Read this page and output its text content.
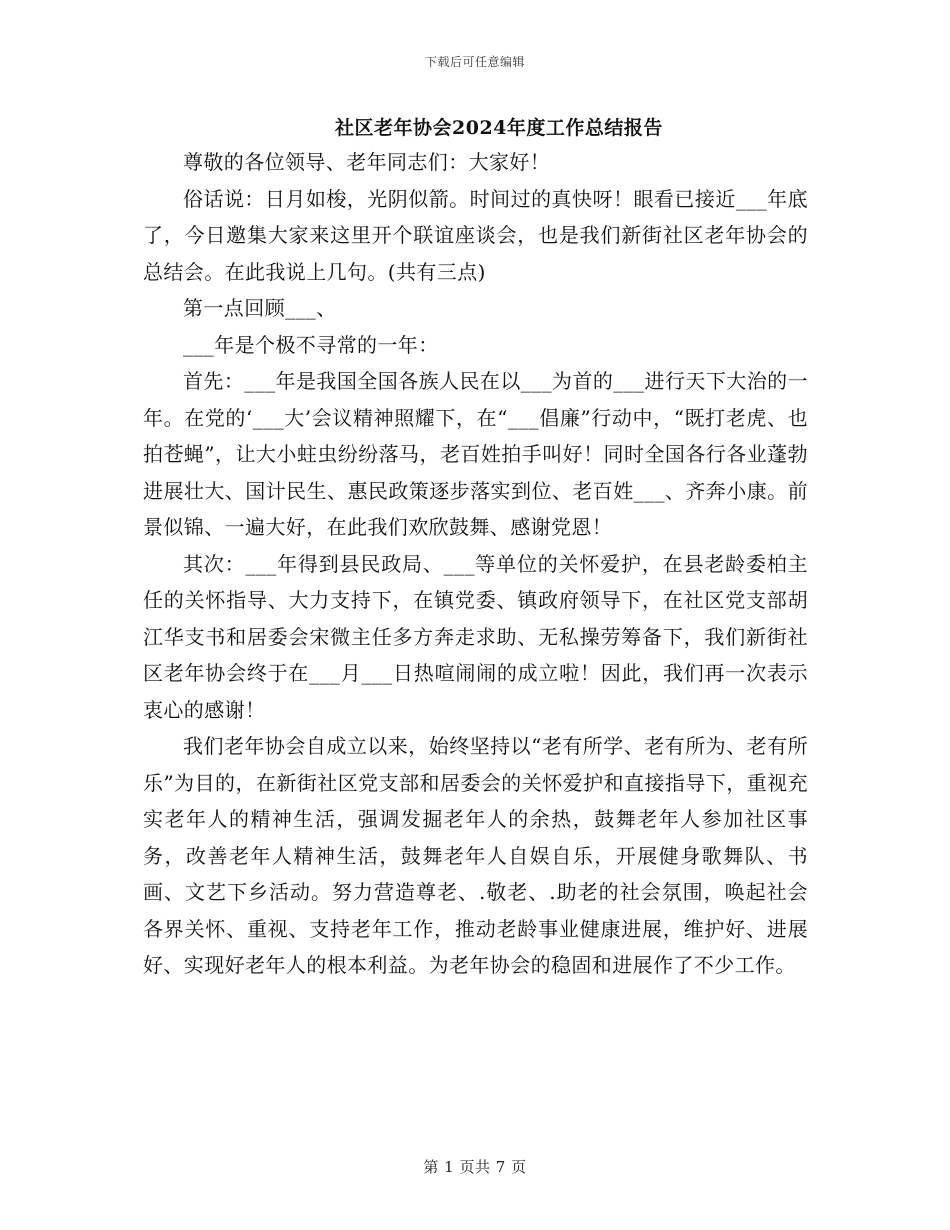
下载后可任意编辑
社区老年协会2024年度工作总结报告

尊敬的各位领导、老年同志们：大家好！

俗话说：日月如梭，光阴似箭。时间过的真快呀！眼看已接近___年底了，今日邀集大家来这里开个联谊座谈会，也是我们新街社区老年协会的总结会。在此我说上几句。(共有三点)

第一点回顾___、

___年是个极不寻常的一年：

首先：___年是我国全国各族人民在以___为首的___进行天下大治的一年。在党的‘___大’会议精神照耀下，在“___倡廉”行动中，“既打老虎、也拍苍蝇”，让大小蛀虫纷纷落马，老百姓拍手叫好！同时全国各行各业蓬勃进展壮大、国计民生、惠民政策逐步落实到位、老百姓___、齐奔小康。前景似锦、一遍大好，在此我们欢欣鼓舞、感谢党恩！

其次：___年得到县民政局、___等单位的关怀爱护，在县老龄委柏主任的关怀指导、大力支持下，在镇党委、镇政府领导下，在社区党支部胡江华支书和居委会宋微主任多方奔走求助、无私操劳筹备下，我们新街社区老年协会终于在___月___日热喧闹闹的成立啦！因此，我们再一次表示衷心的感谢！

我们老年协会自成立以来，始终坚持以“老有所学、老有所为、老有所乐”为目的，在新街社区党支部和居委会的关怀爱护和直接指导下，重视充实老年人的精神生活，强调发掘老年人的余热，鼓舞老年人参加社区事务，改善老年人精神生活，鼓舞老年人自娱自乐，开展健身歌舞队、书画、文艺下乡活动。努力营造尊老、.敬老、.助老的社会氛围，唤起社会各界关怀、重视、支持老年工作，推动老龄事业健康进展，维护好、进展好、实现好老年人的根本利益。为老年协会的稳固和进展作了不少工作。

第 1 页共 7 页
